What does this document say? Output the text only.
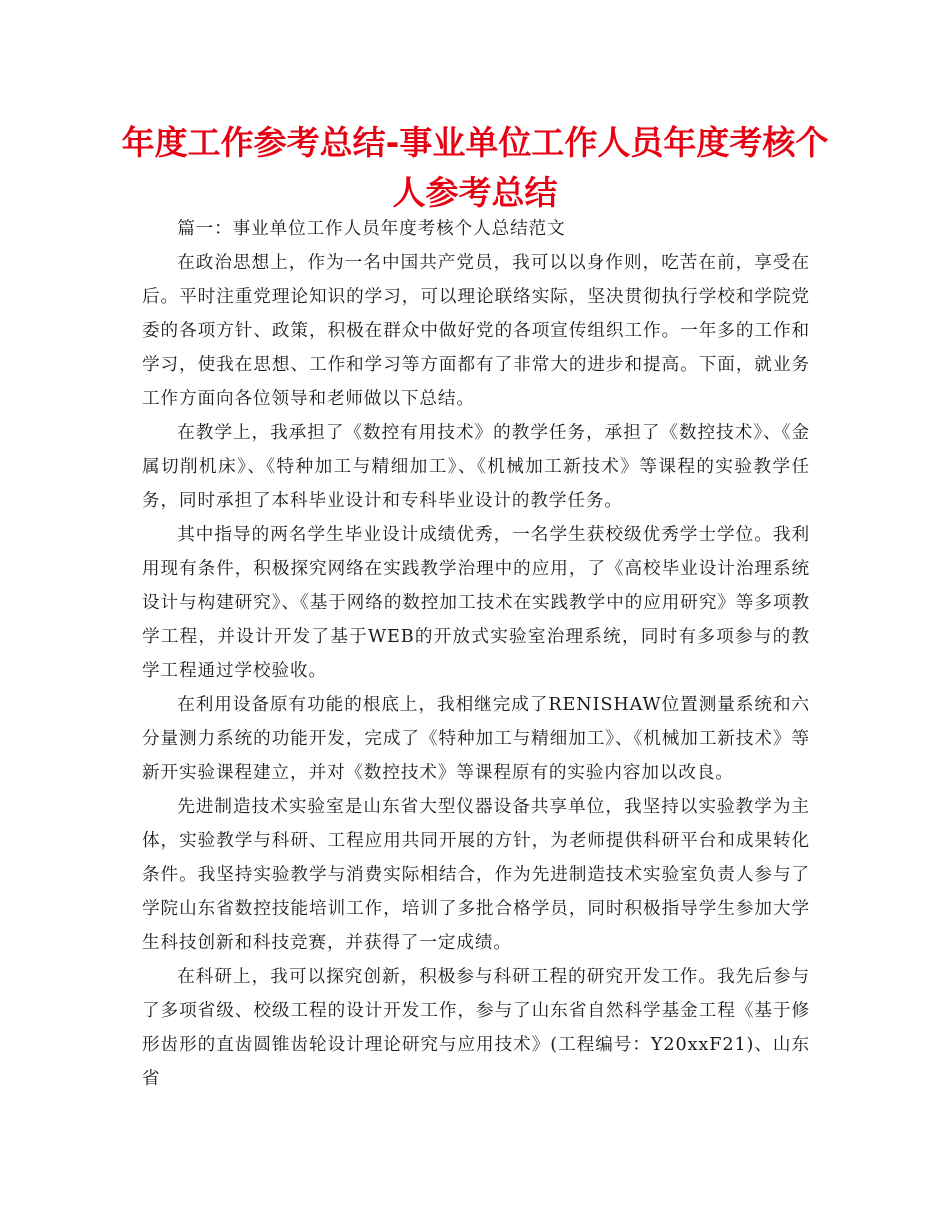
年度工作参考总结-事业单位工作人员年度考核个人参考总结

篇一：事业单位工作人员年度考核个人总结范文

在政治思想上，作为一名中国共产党员，我可以以身作则，吃苦在前，享受在后。平时注重党理论知识的学习，可以理论联络实际，坚决贯彻执行学校和学院党委的各项方针、政策，积极在群众中做好党的各项宣传组织工作。一年多的工作和学习，使我在思想、工作和学习等方面都有了非常大的进步和提高。下面，就业务工作方面向各位领导和老师做以下总结。

在教学上，我承担了《数控有用技术》的教学任务，承担了《数控技术》、《金属切削机床》、《特种加工与精细加工》、《机械加工新技术》等课程的实验教学任务，同时承担了本科毕业设计和专科毕业设计的教学任务。

其中指导的两名学生毕业设计成绩优秀，一名学生获校级优秀学士学位。我利用现有条件，积极探究网络在实践教学治理中的应用，了《高校毕业设计治理系统设计与构建研究》、《基于网络的数控加工技术在实践教学中的应用研究》等多项教学工程，并设计开发了基于WEB的开放式实验室治理系统，同时有多项参与的教学工程通过学校验收。

在利用设备原有功能的根底上，我相继完成了RENISHAW位置测量系统和六分量测力系统的功能开发，完成了《特种加工与精细加工》、《机械加工新技术》等新开实验课程建立，并对《数控技术》等课程原有的实验内容加以改良。

先进制造技术实验室是山东省大型仪器设备共享单位，我坚持以实验教学为主体，实验教学与科研、工程应用共同开展的方针，为老师提供科研平台和成果转化条件。我坚持实验教学与消费实际相结合，作为先进制造技术实验室负责人参与了学院山东省数控技能培训工作，培训了多批合格学员，同时积极指导学生参加大学生科技创新和科技竞赛，并获得了一定成绩。

在科研上，我可以探究创新，积极参与科研工程的研究开发工作。我先后参与了多项省级、校级工程的设计开发工作，参与了山东省自然科学基金工程《基于修形齿形的直齿圆锥齿轮设计理论研究与应用技术》(工程编号：Y20xxF21)、山东省
